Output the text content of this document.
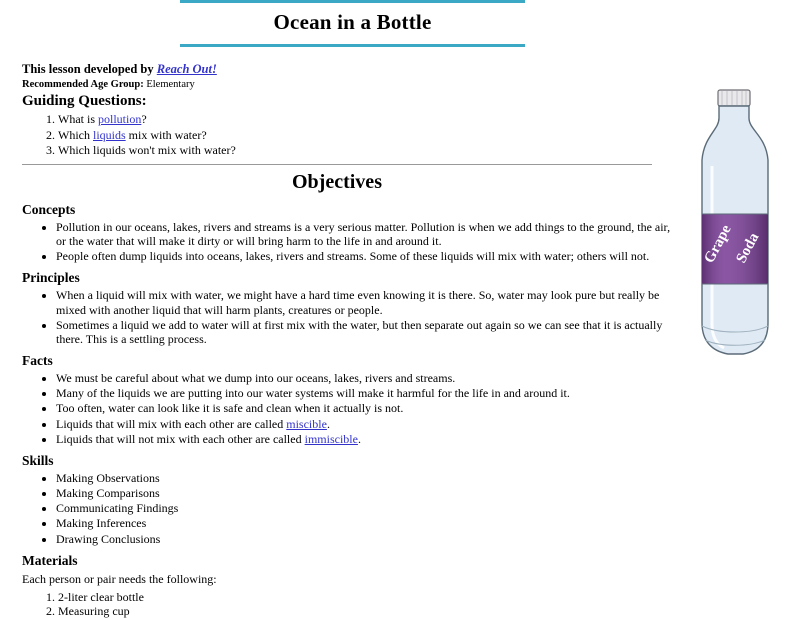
Ocean in a Bottle

This lesson developed by Reach Out!

Recommended Age Group: Elementary

Guiding Questions:
1. What is pollution?
2. Which liquids mix with water?
3. Which liquids won't mix with water?
Objectives
Concepts
• Pollution in our oceans, lakes, rivers and streams is a very serious matter. Pollution is when we add things to the ground, the air, or the water that will make it dirty or will bring harm to the life in and around it.
• People often dump liquids into oceans, lakes, rivers and streams. Some of these liquids will mix with water; others will not.
Principles
• When a liquid will mix with water, we might have a hard time even knowing it is there. So, water may look pure but really be mixed with another liquid that will harm plants, creatures or people.
• Sometimes a liquid we add to water will at first mix with the water, but then separate out again so we can see that it is actually there. This is a settling process.
Facts
• We must be careful about what we dump into our oceans, lakes, rivers and streams.
• Many of the liquids we are putting into our water systems will make it harmful for the life in and around it.
• Too often, water can look like it is safe and clean when it actually is not.
• Liquids that will mix with each other are called miscible.
• Liquids that will not mix with each other are called immiscible.
Skills
• Making Observations
• Making Comparisons
• Communicating Findings
• Making Inferences
• Drawing Conclusions
Materials

Each person or pair needs the following:

1. 2-liter clear bottle
2. Measuring cup
Grape
Soda
